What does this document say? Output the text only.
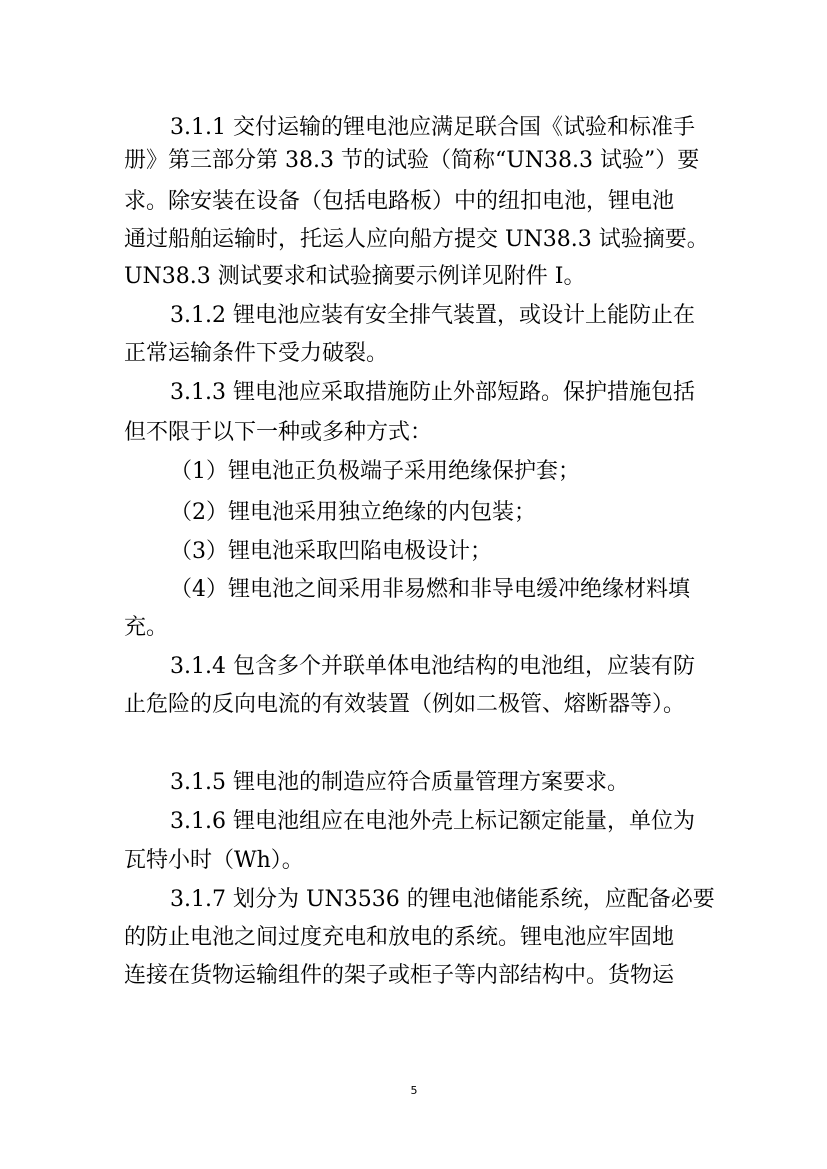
3.1.1 交付运输的锂电池应满足联合国《试验和标准手
册》第三部分第 38.3 节的试验（简称“UN38.3 试验”）要
求。除安装在设备（包括电路板）中的纽扣电池，锂电池
通过船舶运输时，托运人应向船方提交 UN38.3 试验摘要。
UN38.3 测试要求和试验摘要示例详见附件 I。
3.1.2 锂电池应装有安全排气装置，或设计上能防止在
正常运输条件下受力破裂。
3.1.3 锂电池应采取措施防止外部短路。保护措施包括
但不限于以下一种或多种方式：
（1）锂电池正负极端子采用绝缘保护套；
（2）锂电池采用独立绝缘的内包装；
（3）锂电池采取凹陷电极设计；
（4）锂电池之间采用非易燃和非导电缓冲绝缘材料填
充。
3.1.4 包含多个并联单体电池结构的电池组，应装有防
止危险的反向电流的有效装置（例如二极管、熔断器等）。
3.1.5 锂电池的制造应符合质量管理方案要求。
3.1.6 锂电池组应在电池外壳上标记额定能量，单位为
瓦特小时（Wh）。
3.1.7 划分为 UN3536 的锂电池储能系统，应配备必要
的防止电池之间过度充电和放电的系统。锂电池应牢固地
连接在货物运输组件的架子或柜子等内部结构中。货物运
5
